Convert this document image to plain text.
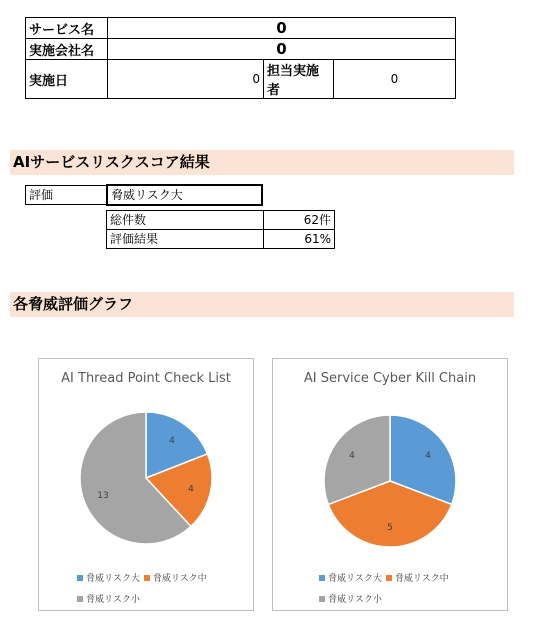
サービス名	0		
実施会社名	0		
実施日	0	担当実施者	0
AIサービスリスクスコア結果
評価	脅威リスク大
総件数	62件
評価結果	61%
各脅威評価グラフ
AI Thread Point Check List
4
4
13
脅威リスク大 脅威リスク中
脅威リスク小
AI Service Cyber Kill Chain
4
5
4
脅威リスク大 脅威リスク中
脅威リスク小
